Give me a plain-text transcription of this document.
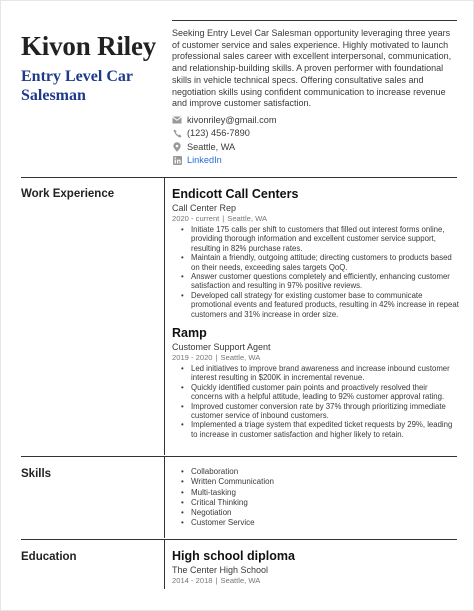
Kivon Riley
Entry Level Car Salesman
Seeking Entry Level Car Salesman opportunity leveraging three years of customer service and sales experience. Highly motivated to launch professional sales career with excellent interpersonal, communication, and relationship-building skills. A proven performer with foundational skills in vehicle technical specs. Offering consultative sales and negotiation skills using confident communication to increase revenue and improve customer satisfaction.
kivonriley@gmail.com
(123) 456-7890
Seattle, WA
LinkedIn
Work Experience	Endicott Call Centers
Call Center Rep
2020 - current | Seattle, WA
• Initiate 175 calls per shift to customers that filled out interest forms online, providing thorough information and excellent customer service support, resulting in 82% purchase rates.
• Maintain a friendly, outgoing attitude; directing customers to products based on their needs, exceeding sales targets QoQ.
• Answer customer questions completely and efficiently, enhancing customer satisfaction and resulting in 97% positive reviews.
• Developed call strategy for existing customer base to communicate promotional events and featured products, resulting in 42% increase in repeat customers and 31% increase in order size.
Ramp
Customer Support Agent
2019 - 2020 | Seattle, WA
• Led initiatives to improve brand awareness and increase inbound customer interest resulting in $200K in incremental revenue.
• Quickly identified customer pain points and proactively resolved their concerns with a helpful attitude, leading to 92% customer approval rating.
• Improved customer conversion rate by 37% through prioritizing immediate customer service of inbound customers.
• Implemented a triage system that expedited ticket requests by 29%, leading to increase in customer satisfaction and higher likely to retain.
Skills
•	Collaboration
• Written Communication
• Multi-tasking
• Critical Thinking
• Negotiation
• Customer Service
Education	High school diploma
The Center High School
2014 - 2018 | Seattle, WA
